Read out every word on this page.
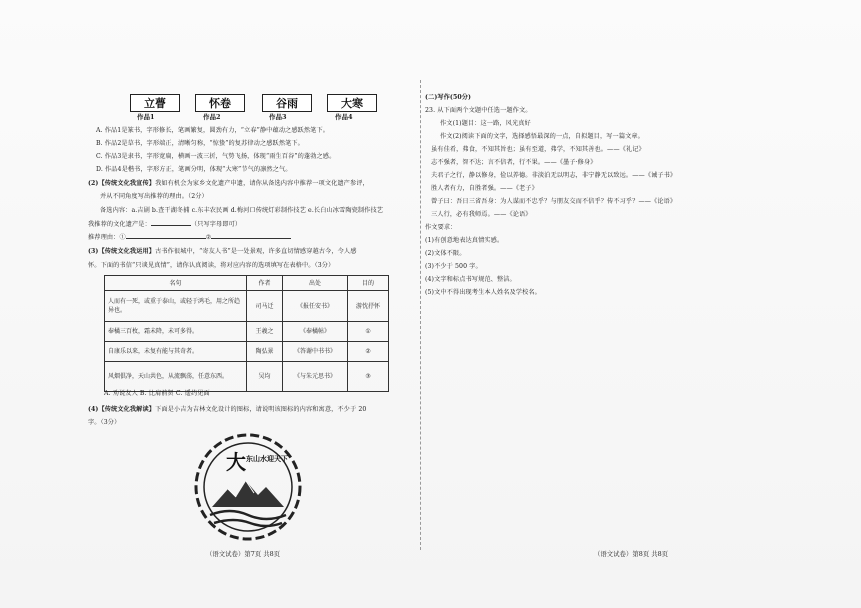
立瞢	怀卷	谷雨	大寒
作品1	作品2	作品3	作品4
A. 作品1是篆书，字形修长，笔画繁复，圆劲有力，“立春”静中蕴动之感跃然笔下。
B. 作品2是草书，字形端正，清晰匀称，“惊蛰”的复苏律动之感跃然笔下。
C. 作品3是隶书，字形宽扁，横画一波三折，气势飞扬，体现“雨生百谷”的蓬勃之感。
D. 作品4是楷书，字形方正，笔画分明，体现“大寒”节气的凛然之气。
(2)【传统文化我宣传】我如有机会为家乡文化遗产申遗，请你从备选内容中推荐一项文化遗产参评，
并从不同角度写出推荐的理由。（2分）
备选内容：a.吉剧 b.查干湖冬捕 c.东丰农民画 d.梅河口传统灯彩制作技艺 e.长白山冰雪陶瓷制作技艺
我推荐的文化遗产是：	（只写字母即可）
推荐理由：①	②
(3)【传统文化我运用】古书作很城中，“寄友人书”是一处景观，许多直切情感穿越古今，令人感
怀。下面的书信“只谈见真情”，请你认真阅读，将对应内容的选项填写在表格中。（3分）
名句	作者	出处	目的
人而有一死，或重于泰山，或轻于鸿毛，用之所趋异也。	司马迁	《报任安书》	游忱抒怀
奉橘三百枚，霜未降，未可多得。	王羲之	《奉橘帖》	①
自康乐以来，未复有能与其奇者。	陶弘景	《答谢中书书》	②
风烟俱净，天山共色，从流飘荡，任意东西。	吴均	《与朱元思书》	③
A. 劝说友人 B. 比肩前贤 C. 遥约见面
(4)【传统文化我解读】下面是小吉为吉林文化设计的图标，请说明该图标的内容和寓意，不少于 20
字。（3分）
大 东山水迎天下
（语文试卷）第7页 共8页
(二)写作(50分)
23. 从下面两个文题中任选一题作文。
作文(1)题目：这一路，风光真好
作文(2)阅读下面的文字，选择感悟最深的一点，自拟题目，写一篇文章。
虽有佳肴，弗食，不知其旨也；虽有至道，弗学，不知其善也。——《礼记》
志不强者，智不达；言不信者，行不果。——《墨子·修身》
夫君子之行，静以修身，俭以养德。非淡泊无以明志，非宁静无以致远。——《诫子书》
胜人者有力，自胜者强。——《老子》
曾子曰：吾日三省吾身：为人谋而不忠乎？与朋友交而不信乎？传不习乎？——《论语》
三人行，必有我师焉。——《论语》
作文要求：
(1)有创意地表达真情实感。
(2)文体不限。
(3)不少于 500 字。
(4)文字和标点书写规范、整洁。
(5)文中不得出现考生本人姓名及学校名。
（语文试卷）第8页 共8页
